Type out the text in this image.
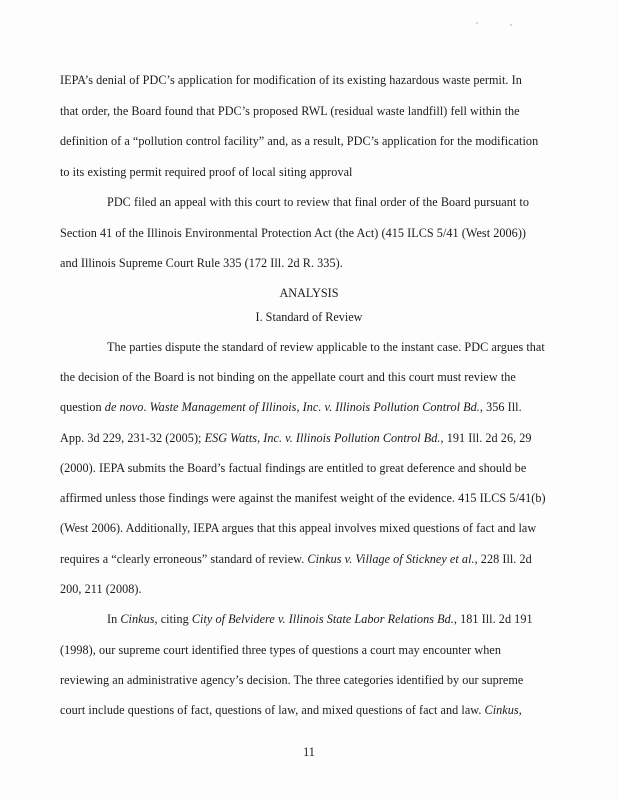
IEPA’s denial of PDC’s application for modification of its existing hazardous waste permit. In
that order, the Board found that PDC’s proposed RWL (residual waste landfill) fell within the
definition of a “pollution control facility” and, as a result, PDC’s application for the modification
to its existing permit required proof of local siting approval
PDC filed an appeal with this court to review that final order of the Board pursuant to
Section 41 of the Illinois Environmental Protection Act (the Act) (415 ILCS 5/41 (West 2006))
and Illinois Supreme Court Rule 335 (172 Ill. 2d R. 335).
ANALYSIS
I. Standard of Review
The parties dispute the standard of review applicable to the instant case. PDC argues that
the decision of the Board is not binding on the appellate court and this court must review the
question de novo. Waste Management of Illinois, Inc. v. Illinois Pollution Control Bd., 356 Ill.
App. 3d 229, 231-32 (2005); ESG Watts, Inc. v. Illinois Pollution Control Bd., 191 Ill. 2d 26, 29
(2000). IEPA submits the Board’s factual findings are entitled to great deference and should be
affirmed unless those findings were against the manifest weight of the evidence. 415 ILCS 5/41(b)
(West 2006). Additionally, IEPA argues that this appeal involves mixed questions of fact and law
requires a “clearly erroneous” standard of review. Cinkus v. Village of Stickney et al., 228 Ill. 2d
200, 211 (2008).
In Cinkus, citing City of Belvidere v. Illinois State Labor Relations Bd., 181 Ill. 2d 191
(1998), our supreme court identified three types of questions a court may encounter when
reviewing an administrative agency’s decision. The three categories identified by our supreme
court include questions of fact, questions of law, and mixed questions of fact and law. Cinkus,
11
